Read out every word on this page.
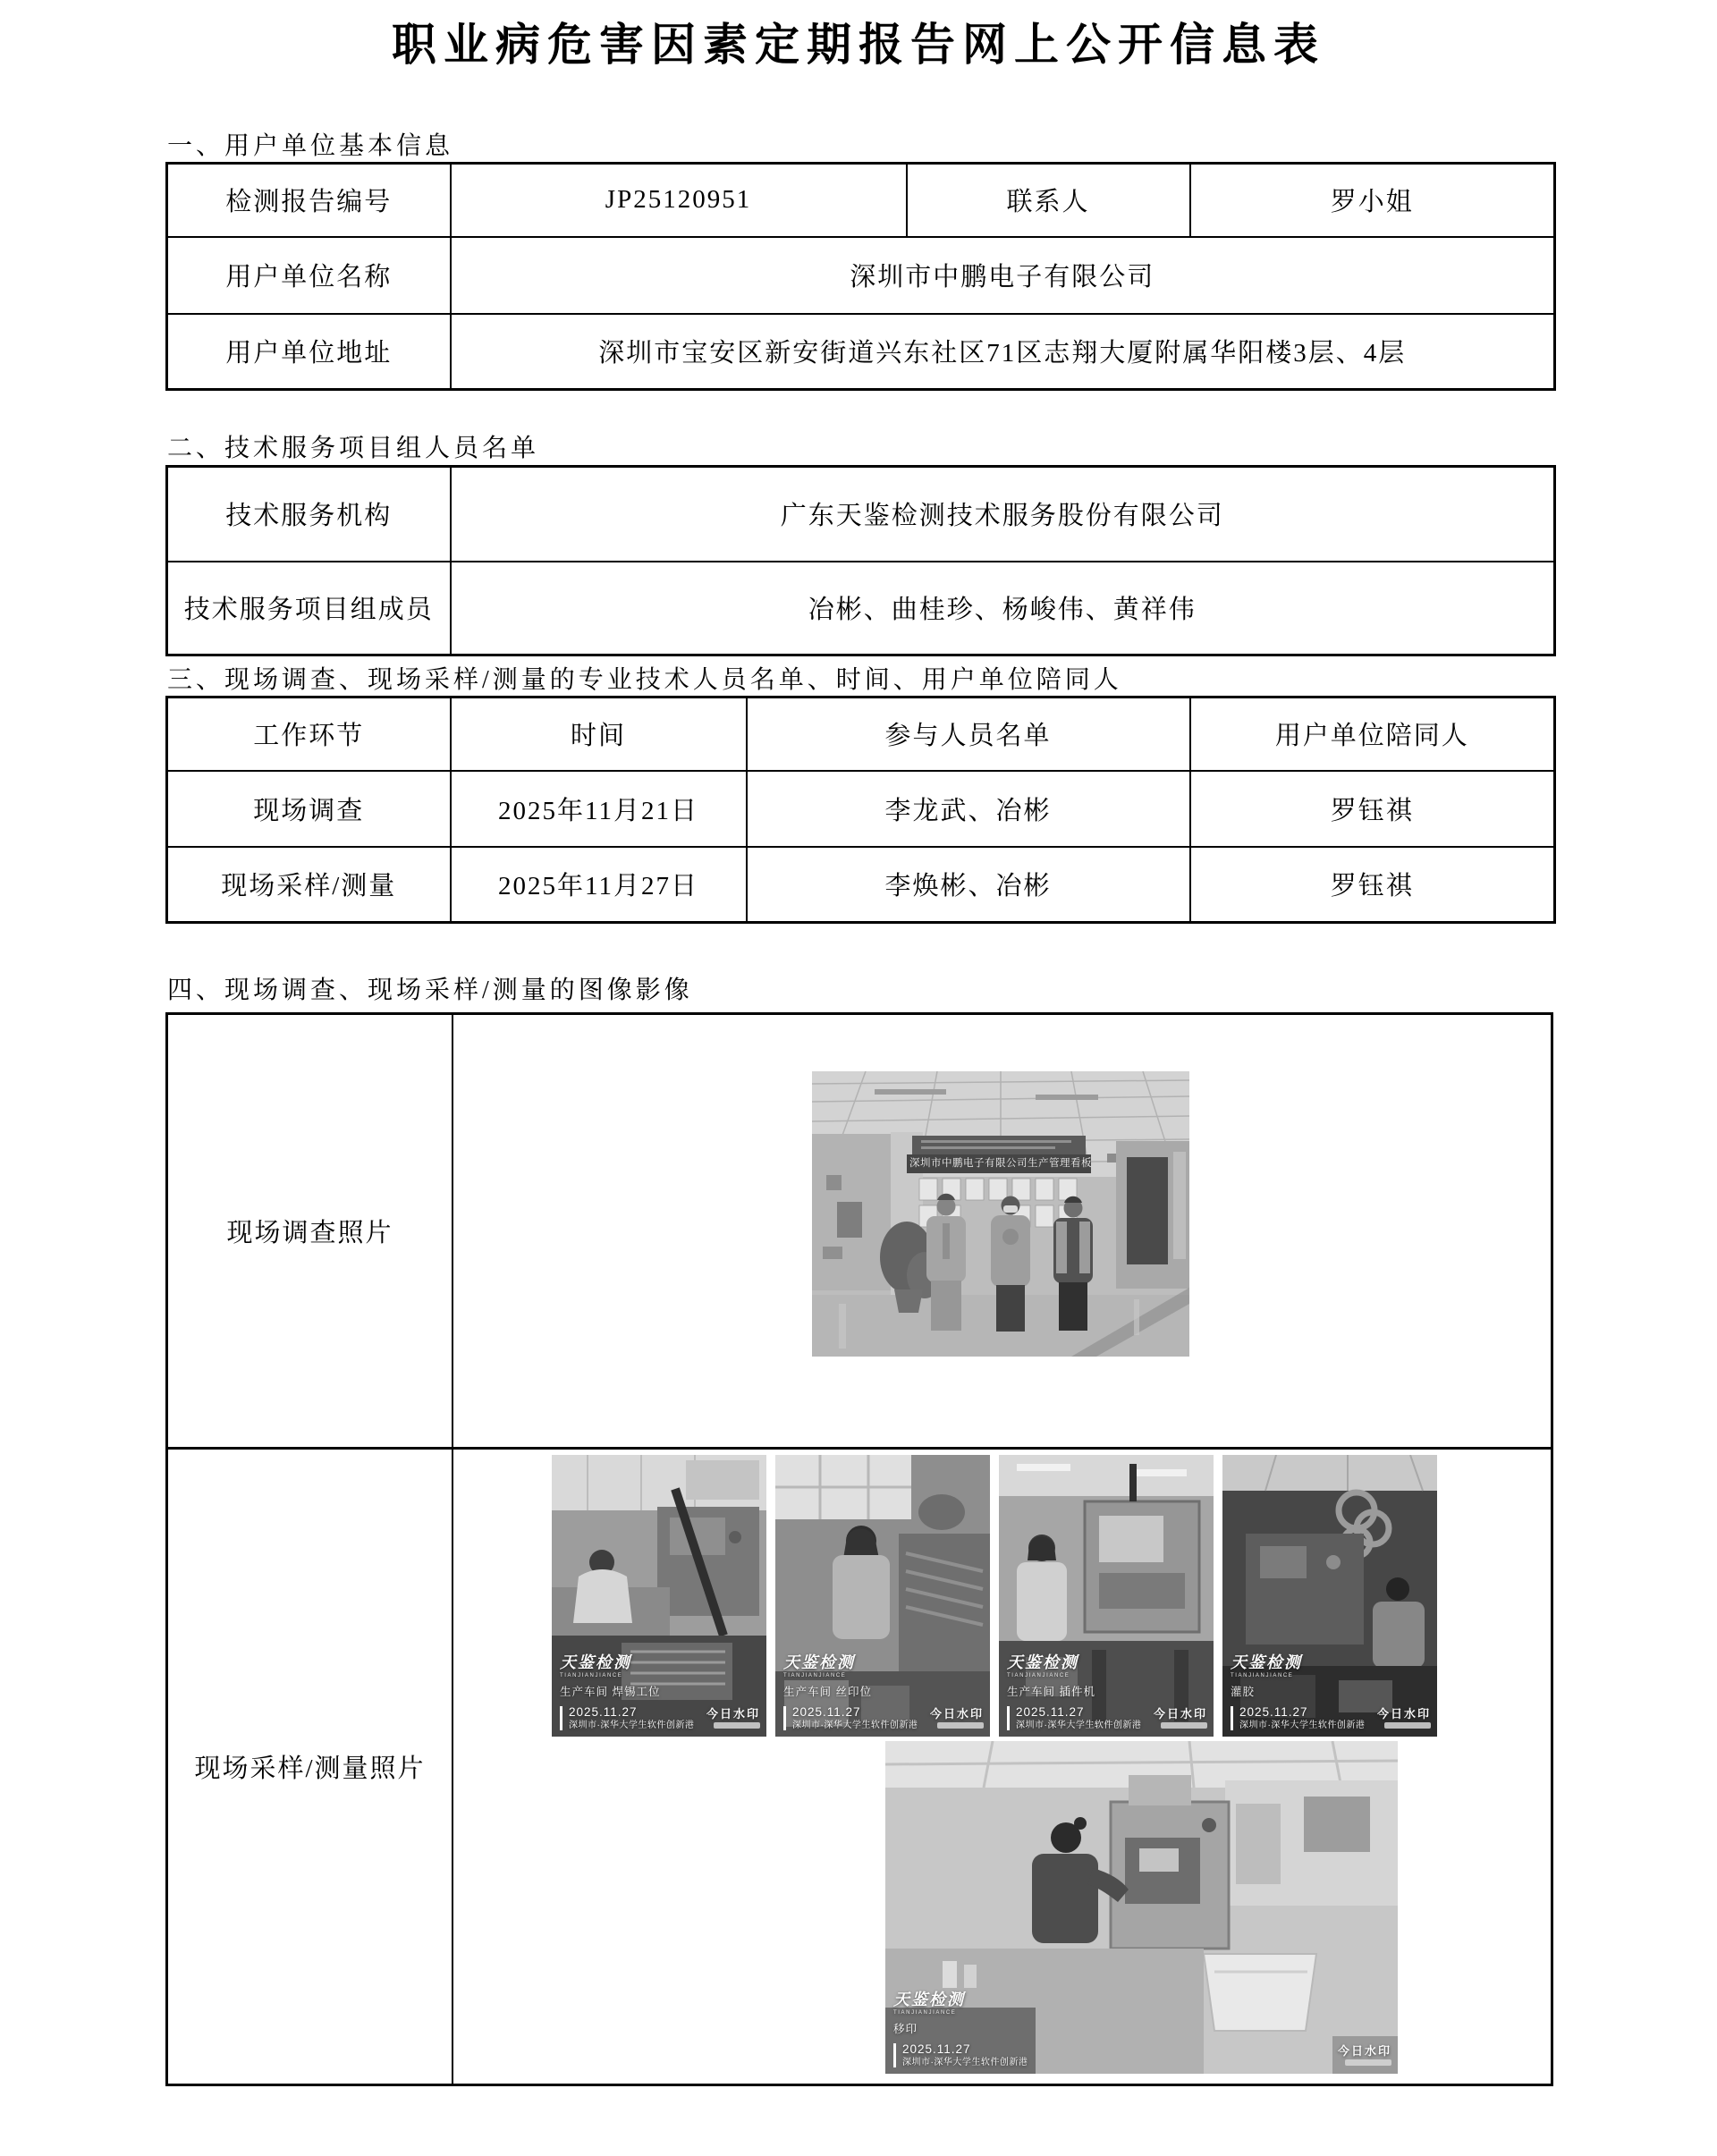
职业病危害因素定期报告网上公开信息表
一、用户单位基本信息
检测报告编号	JP25120951	联系人	罗小姐
用户单位名称	深圳市中鹏电子有限公司		
用户单位地址	深圳市宝安区新安街道兴东社区71区志翔大厦附属华阳楼3层、4层		
二、技术服务项目组人员名单
技术服务机构	广东天鉴检测技术服务股份有限公司
技术服务项目组成员	冶彬、曲桂珍、杨峻伟、黄祥伟
三、现场调查、现场采样/测量的专业技术人员名单、时间、用户单位陪同人
工作环节	时间	参与人员名单	用户单位陪同人
现场调查	2025年11月21日	李龙武、冶彬	罗钰祺
现场采样/测量	2025年11月27日	李焕彬、冶彬	罗钰祺
四、现场调查、现场采样/测量的图像影像
现场调查照片
深圳市中鹏电子有限公司生产管理看板
现场采样/测量照片
天鉴检测
TIANJIANJIANCE
生产车间 焊锡工位
2025.11.27
深圳市·深华大学生软件创新港
今日水印
天鉴检测
TIANJIANJIANCE
生产车间 丝印位
2025.11.27
深圳市·深华大学生软件创新港
今日水印
天鉴检测
TIANJIANJIANCE
生产车间 插件机
2025.11.27
深圳市·深华大学生软件创新港
今日水印
天鉴检测
TIANJIANJIANCE
灌胶
2025.11.27
深圳市·深华大学生软件创新港
今日水印
天鉴检测
TIANJIANJIANCE
移印
2025.11.27
深圳市·深华大学生软件创新港
今日水印
